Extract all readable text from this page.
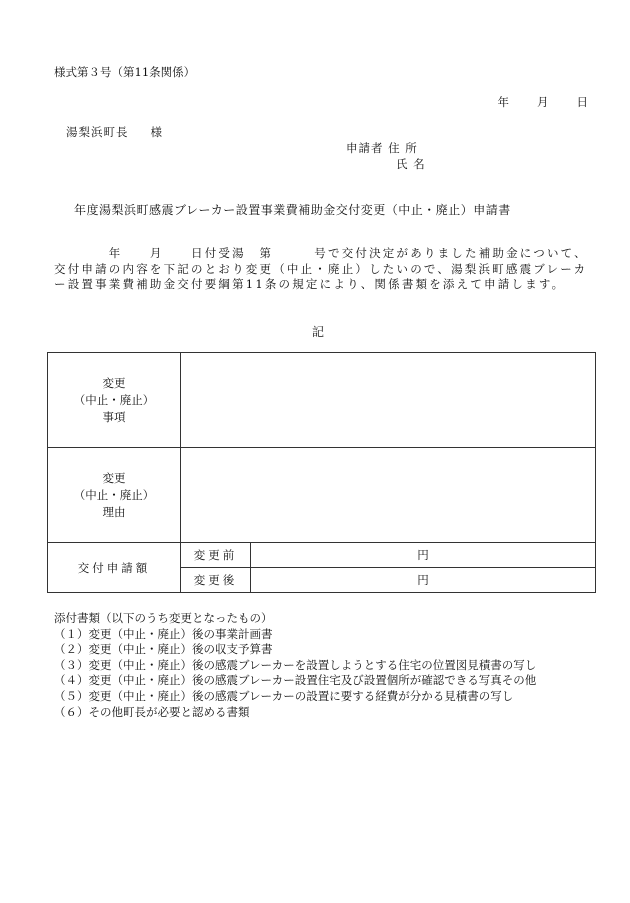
様式第３号（第11条関係）
年 月 日
湯梨浜町長 様
申請者 住 所
氏 名
年度湯梨浜町感震ブレーカー設置事業費補助金交付変更（中止・廃止）申請書
　　　　年　　月　　日付受湯　第　　　号で交付決定がありました補助金について、交付申請の内容を下記のとおり変更（中止・廃止）したいので、湯梨浜町感震ブレーカー設置事業費補助金交付要綱第11条の規定により、関係書類を添えて申請します。
記
変更
（中止・廃止）
事項		

変更
（中止・廃止）
理由		

交付申請額	変更前	円
	変更後	円
添付書類（以下のうち変更となったもの）
（１）変更（中止・廃止）後の事業計画書
（２）変更（中止・廃止）後の収支予算書
（３）変更（中止・廃止）後の感震ブレーカーを設置しようとする住宅の位置図見積書の写し
（４）変更（中止・廃止）後の感震ブレーカー設置住宅及び設置個所が確認できる写真その他
（５）変更（中止・廃止）後の感震ブレーカーの設置に要する経費が分かる見積書の写し
（６）その他町長が必要と認める書類
